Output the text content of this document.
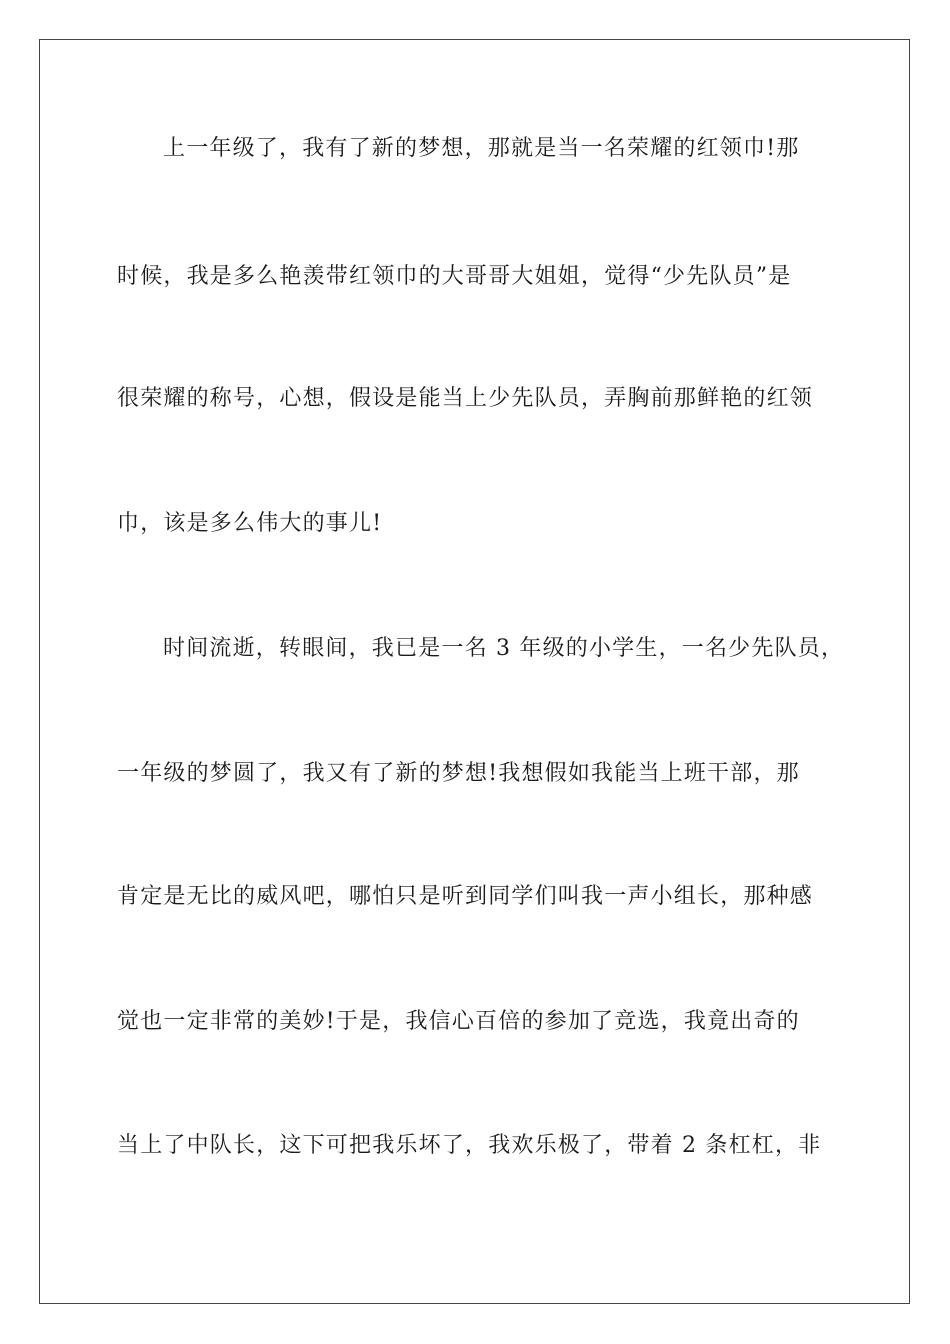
上一年级了，我有了新的梦想，那就是当一名荣耀的红领巾!那
时候，我是多么艳羡带红领巾的大哥哥大姐姐，觉得“少先队员”是
很荣耀的称号，心想，假设是能当上少先队员，弄胸前那鲜艳的红领
巾，该是多么伟大的事儿!
时间流逝，转眼间，我已是一名 3 年级的小学生，一名少先队员，
一年级的梦圆了，我又有了新的梦想!我想假如我能当上班干部，那
肯定是无比的威风吧，哪怕只是听到同学们叫我一声小组长，那种感
觉也一定非常的美妙!于是，我信心百倍的参加了竞选，我竟出奇的
当上了中队长，这下可把我乐坏了，我欢乐极了，带着 2 条杠杠，非
